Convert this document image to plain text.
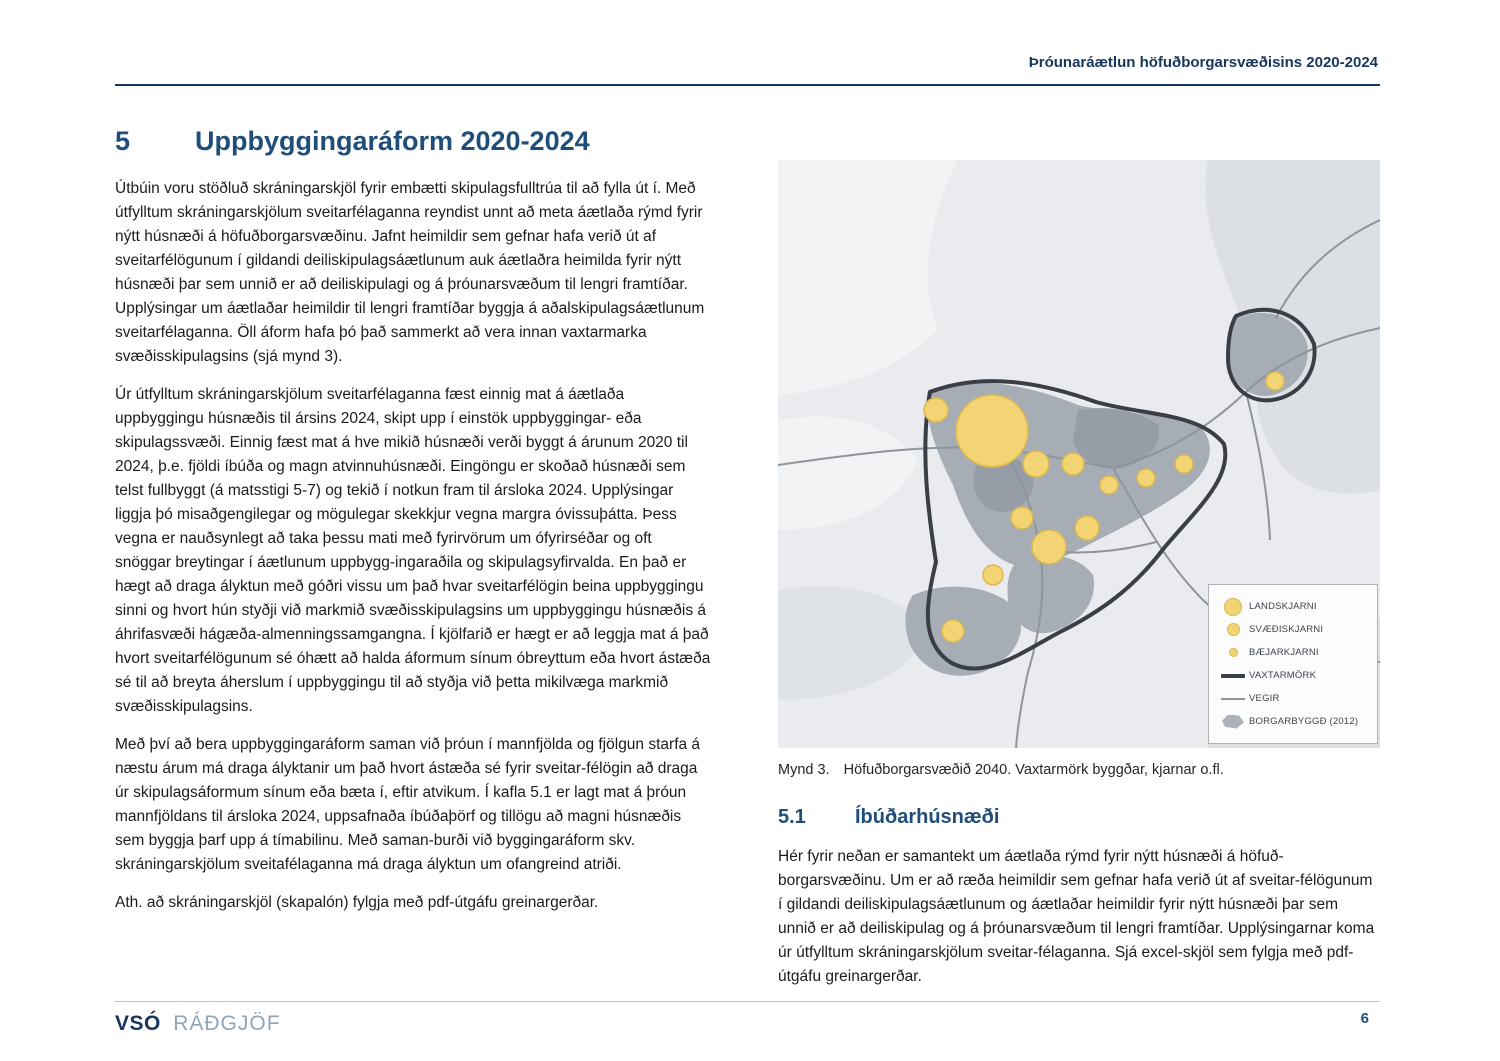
Þróunaráætlun höfuðborgarsvæðisins 2020-2024
5	Uppbyggingaráform 2020-2024

Útbúin voru stöðluð skráningarskjöl fyrir embætti skipulagsfulltrúa til að fylla út í. Með útfylltum skráningarskjölum sveitarfélaganna reyndist unnt að meta áætlaða rýmd fyrir nýtt húsnæði á höfuðborgarsvæðinu. Jafnt heimildir sem gefnar hafa verið út af sveitarfélögunum í gildandi deiliskipulagsáætlunum auk áætlaðra heimilda fyrir nýtt húsnæði þar sem unnið er að deiliskipulagi og á þróunarsvæðum til lengri framtíðar. Upplýsingar um áætlaðar heimildir til lengri framtíðar byggja á aðalskipulagsáætlunum sveitarfélaganna. Öll áform hafa þó það sammerkt að vera innan vaxtarmarka svæðisskipulagsins (sjá mynd 3).

Úr útfylltum skráningarskjölum sveitarfélaganna fæst einnig mat á áætlaða uppbyggingu húsnæðis til ársins 2024, skipt upp í einstök uppbyggingar- eða skipulagssvæði. Einnig fæst mat á hve mikið húsnæði verði byggt á árunum 2020 til 2024, þ.e. fjöldi íbúða og magn atvinnuhúsnæði. Eingöngu er skoðað húsnæði sem telst fullbyggt (á matsstigi 5-7) og tekið í notkun fram til ársloka 2024. Upplýsingar liggja þó misaðgengilegar og mögulegar skekkjur vegna margra óvissuþátta. Þess vegna er nauðsynlegt að taka þessu mati með fyrirvörum um ófyrirséðar og oft snöggar breytingar í áætlunum uppbygg-ingaraðila og skipulagsyfirvalda. En það er hægt að draga ályktun með góðri vissu um það hvar sveitarfélögin beina uppbyggingu sinni og hvort hún styðji við markmið svæðisskipulagsins um uppbyggingu húsnæðis á áhrifasvæði hágæða-almenningssamgangna. Í kjölfarið er hægt er að leggja mat á það hvort sveitarfélögunum sé óhætt að halda áformum sínum óbreyttum eða hvort ástæða sé til að breyta áherslum í uppbyggingu til að styðja við þetta mikilvæga markmið svæðisskipulagsins.

Með því að bera uppbyggingaráform saman við þróun í mannfjölda og fjölgun starfa á næstu árum má draga ályktanir um það hvort ástæða sé fyrir sveitar-félögin að draga úr skipulagsáformum sínum eða bæta í, eftir atvikum. Í kafla 5.1 er lagt mat á þróun mannfjöldans til ársloka 2024, uppsafnaða íbúðaþörf og tillögu að magni húsnæðis sem byggja þarf upp á tímabilinu. Með saman-burði við byggingaráform skv. skráningarskjölum sveitafélaganna má draga ályktun um ofangreind atriði.

Ath. að skráningarskjöl (skapalón) fylgja með pdf-útgáfu greinargerðar.

LANDSKJARNI
SVÆÐISKJARNI
BÆJARKJARNI
VAXTARMÖRK
VEGIR
BORGARBYGGÐ (2012)
Mynd 3. Höfuðborgarsvæðið 2040. Vaxtarmörk byggðar, kjarnar o.fl.
5.1	Íbúðarhúsnæði

Hér fyrir neðan er samantekt um áætlaða rýmd fyrir nýtt húsnæði á höfuð-borgarsvæðinu. Um er að ræða heimildir sem gefnar hafa verið út af sveitar-félögunum í gildandi deiliskipulagsáætlunum og áætlaðar heimildir fyrir nýtt húsnæði þar sem unnið er að deiliskipulag og á þróunarsvæðum til lengri framtíðar. Upplýsingarnar koma úr útfylltum skráningarskjölum sveitar-félaganna. Sjá excel-skjöl sem fylgja með pdf-útgáfu greinargerðar.

VSÓ RÁÐGJÖF	6
